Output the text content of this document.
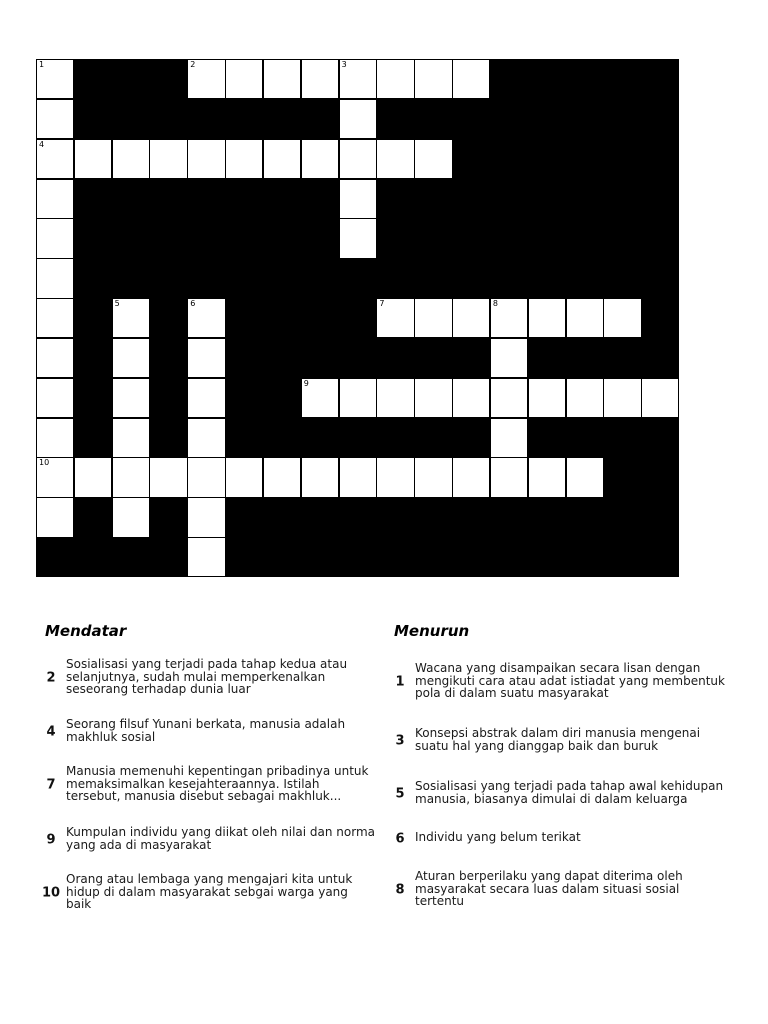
1	2	3
4
5	6	7	8
9
10
Mendatar	Menurun
2
Sosialisasi yang terjadi pada tahap kedua atau selanjutnya, sudah mulai memperkenalkan seseorang terhadap dunia luar
4
Seorang filsuf Yunani berkata, manusia adalah makhluk sosial
7
Manusia memenuhi kepentingan pribadinya untuk memaksimalkan kesejahteraannya. Istilah tersebut, manusia disebut sebagai makhluk...
9
Kumpulan individu yang diikat oleh nilai dan norma yang ada di masyarakat
10
Orang atau lembaga yang mengajari kita untuk hidup di dalam masyarakat sebgai warga yang baik
1
Wacana yang disampaikan secara lisan dengan mengikuti cara atau adat istiadat yang membentuk pola di dalam suatu masyarakat
3
Konsepsi abstrak dalam diri manusia mengenai suatu hal yang dianggap baik dan buruk
5
Sosialisasi yang terjadi pada tahap awal kehidupan manusia, biasanya dimulai di dalam keluarga
6 Individu yang belum terikat
8
Aturan berperilaku yang dapat diterima oleh masyarakat secara luas dalam situasi sosial tertentu
